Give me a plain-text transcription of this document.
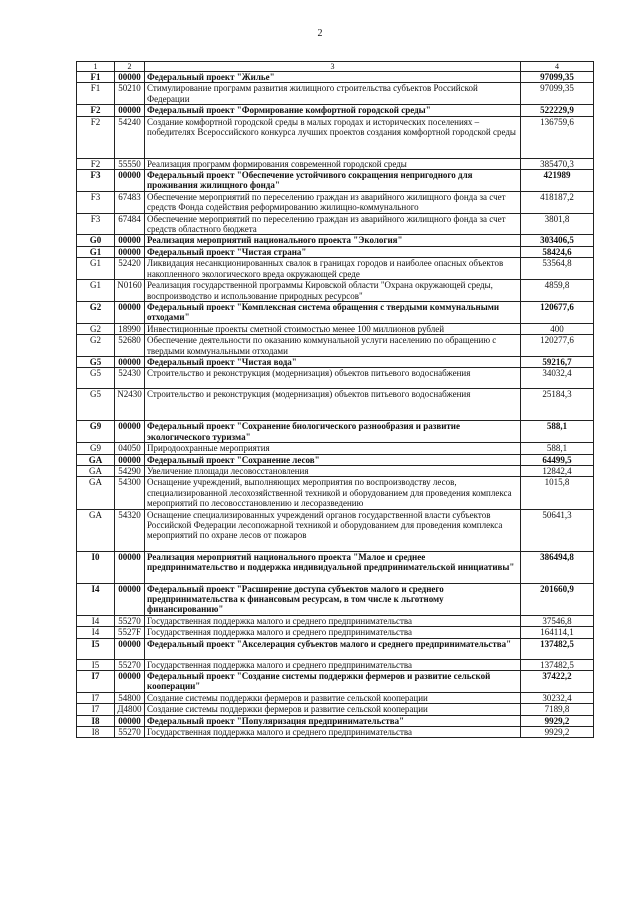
2
1	2	3	4
F1	00000	Федеральный проект "Жилье"	97099,35
F1	50210	Стимулирование программ развития жилищного строительства субъектов Российской Федерации	97099,35
F2	00000	Федеральный проект "Формирование комфортной городской среды"	522229,9
F2	54240	Создание комфортной городской среды в малых городах и исторических поселениях – победителях Всероссийского конкурса лучших проектов создания комфортной городской среды	136759,6
F2	55550	Реализация программ формирования современной городской среды	385470,3
F3	00000	Федеральный проект "Обеспечение устойчивого сокращения непригодного для проживания жилищного фонда"	421989
F3	67483	Обеспечение мероприятий по переселению граждан из аварийного жилищного фонда за счет средств Фонда содействия реформированию жилищно-коммунального	418187,2
F3	67484	Обеспечение мероприятий по переселению граждан из аварийного жилищного фонда за счет средств областного бюджета	3801,8
G0	00000	Реализация мероприятий национального проекта "Экология"	303406,5
G1	00000	Федеральный проект "Чистая страна"	58424,6
G1	52420	Ликвидация несанкционированных свалок в границах городов и наиболее опасных объектов накопленного экологического вреда окружающей среде	53564,8
G1	N0160	Реализация государственной программы Кировской области "Охрана окружающей среды, воспроизводство и использование природных ресурсов"	4859,8
G2	00000	Федеральный проект "Комплексная система обращения с твердыми коммунальными отходами"	120677,6
G2	18990	Инвестиционные проекты сметной стоимостью менее 100 миллионов рублей	400
G2	52680	Обеспечение деятельности по оказанию коммунальной услуги населению по обращению с твердыми коммунальными отходами	120277,6
G5	00000	Федеральный проект "Чистая вода"	59216,7
G5	52430	Строительство и реконструкция (модернизация) объектов питьевого водоснабжения	34032,4
G5	N2430	Строительство и реконструкция (модернизация) объектов питьевого водоснабжения	25184,3
G9	00000	Федеральный проект "Сохранение биологического разнообразия и развитие экологического туризма"	588,1
G9	04050	Природоохранные мероприятия	588,1
GA	00000	Федеральный проект "Сохранение лесов"	64499,5
GA	54290	Увеличение площади лесовосстановления	12842,4
GA	54300	Оснащение учреждений, выполняющих мероприятия по воспроизводству лесов, специализированной лесохозяйственной техникой и оборудованием для проведения комплекса мероприятий по лесовосстановлению и лесоразведению	1015,8
GA	54320	Оснащение специализированных учреждений органов государственной власти субъектов Российской Федерации лесопожарной техникой и оборудованием для проведения комплекса мероприятий по охране лесов от пожаров	50641,3
I0	00000	Реализация мероприятий национального проекта "Малое и среднее предпринимательство и поддержка индивидуальной предпринимательской инициативы"	386494,8
I4	00000	Федеральный проект "Расширение доступа субъектов малого и среднего предпринимательства к финансовым ресурсам, в том числе к льготному финансированию"	201660,9
I4	55270	Государственная поддержка малого и среднего предпринимательства	37546,8
I4	5527F	Государственная поддержка малого и среднего предпринимательства	164114,1
I5	00000	Федеральный проект "Акселерация субъектов малого и среднего предпринимательства"	137482,5
I5	55270	Государственная поддержка малого и среднего предпринимательства	137482,5
I7	00000	Федеральный проект "Создание системы поддержки фермеров и развитие сельской кооперации"	37422,2
I7	54800	Создание системы поддержки фермеров и развитие сельской кооперации	30232,4
I7	Д4800	Создание системы поддержки фермеров и развитие сельской кооперации	7189,8
I8	00000	Федеральный проект "Популяризация предпринимательства"	9929,2
I8	55270	Государственная поддержка малого и среднего предпринимательства	9929,2
